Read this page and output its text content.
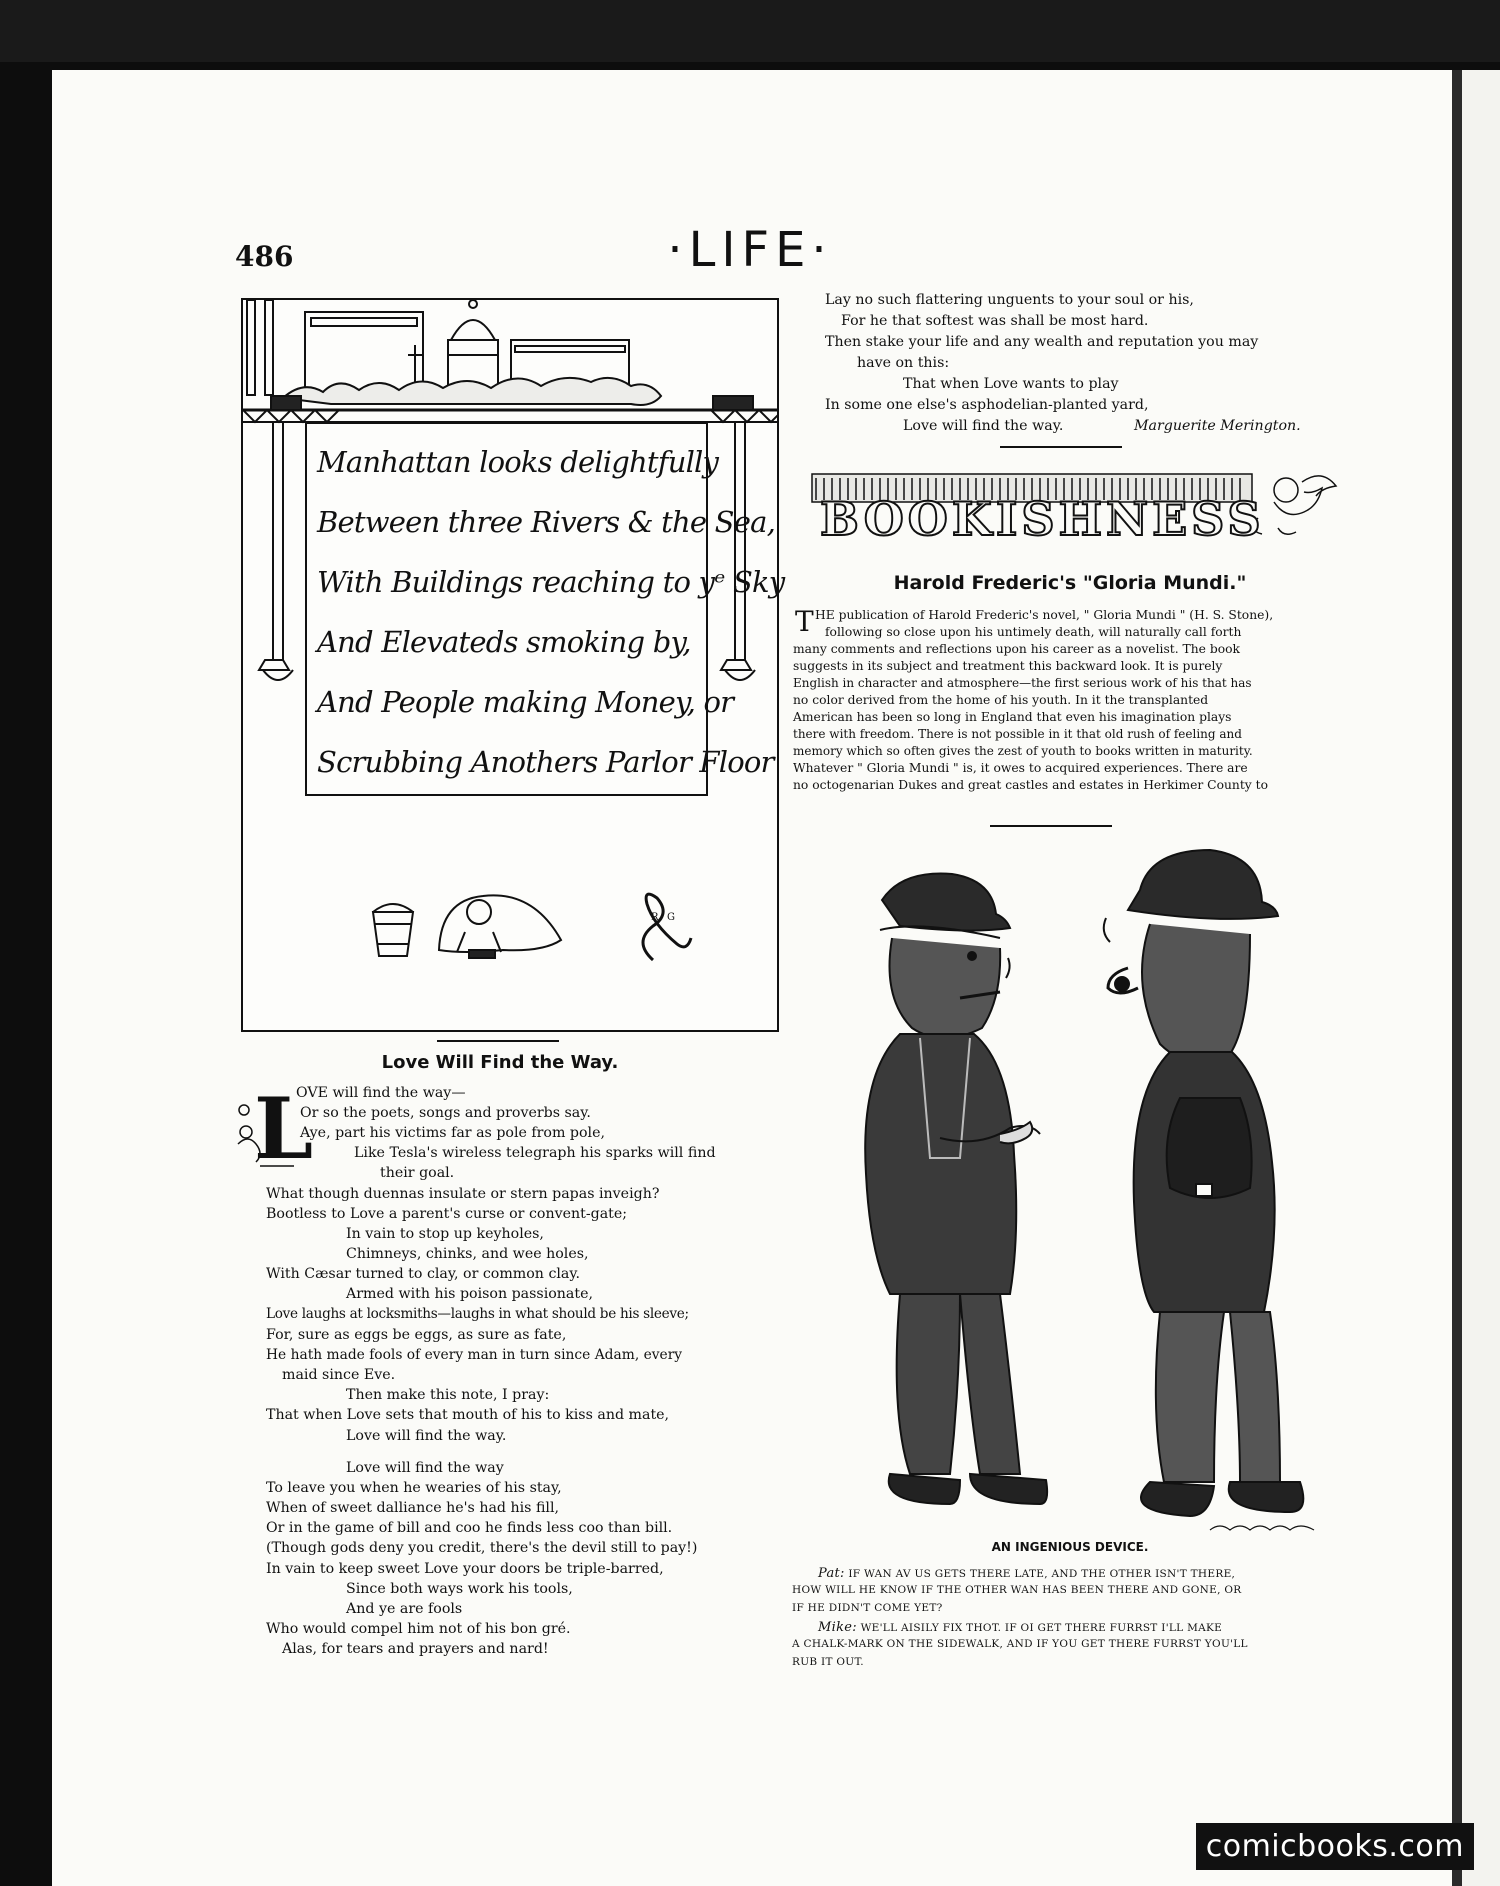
486	·LIFE·
R G
Manhattan looks delightfully
Between three Rivers & the Sea,
With Buildings reaching to yᵉ Sky
And Elevateds smoking by,
And People making Money, or
Scrubbing Anothers Parlor Floor
Love Will Find the Way.
L
OVE will find the way—
Or so the poets, songs and proverbs say.
Aye, part his victims far as pole from pole,
Like Tesla's wireless telegraph his sparks will find
their goal.
What though duennas insulate or stern papas inveigh?
Bootless to Love a parent's curse or convent-gate;
In vain to stop up keyholes,
Chimneys, chinks, and wee holes,
With Cæsar turned to clay, or common clay.
Armed with his poison passionate,
Love laughs at locksmiths—laughs in what should be his sleeve;
For, sure as eggs be eggs, as sure as fate,
He hath made fools of every man in turn since Adam, every
maid since Eve.
Then make this note, I pray:
That when Love sets that mouth of his to kiss and mate,
Love will find the way.
Love will find the way
To leave you when he wearies of his stay,
When of sweet dalliance he's had his fill,
Or in the game of bill and coo he finds less coo than bill.
(Though gods deny you credit, there's the devil still to pay!)
In vain to keep sweet Love your doors be triple-barred,
Since both ways work his tools,
And ye are fools
Who would compel him not of his bon gré.
Alas, for tears and prayers and nard!
Lay no such flattering unguents to your soul or his,
For he that softest was shall be most hard.
Then stake your life and any wealth and reputation you may
have on this:
That when Love wants to play
In some one else's asphodelian-planted yard,
Love will find the way.	Marguerite Merington.
BOOKISHNESS
Harold Frederic's "Gloria Mundi."
T HE publication of Harold Frederic's novel, " Gloria Mundi " (H. S. Stone),
following so close upon his untimely death, will naturally call forth
many comments and reflections upon his career as a novelist. The book
suggests in its subject and treatment this backward look. It is purely
English in character and atmosphere—the first serious work of his that has
no color derived from the home of his youth. In it the transplanted
American has been so long in England that even his imagination plays
there with freedom. There is not possible in it that old rush of feeling and
memory which so often gives the zest of youth to books written in maturity.
Whatever " Gloria Mundi " is, it owes to acquired experiences. There are
no octogenarian Dukes and great castles and estates in Herkimer County to
AN INGENIOUS DEVICE.
Pat: IF WAN AV US GETS THERE LATE, AND THE OTHER ISN'T THERE,
HOW WILL HE KNOW IF THE OTHER WAN HAS BEEN THERE AND GONE, OR
IF HE DIDN'T COME YET?
Mike: WE'LL AISILY FIX THOT. IF OI GET THERE FURRST I'LL MAKE
A CHALK-MARK ON THE SIDEWALK, AND IF YOU GET THERE FURRST YOU'LL
RUB IT OUT.
comicbooks.com
